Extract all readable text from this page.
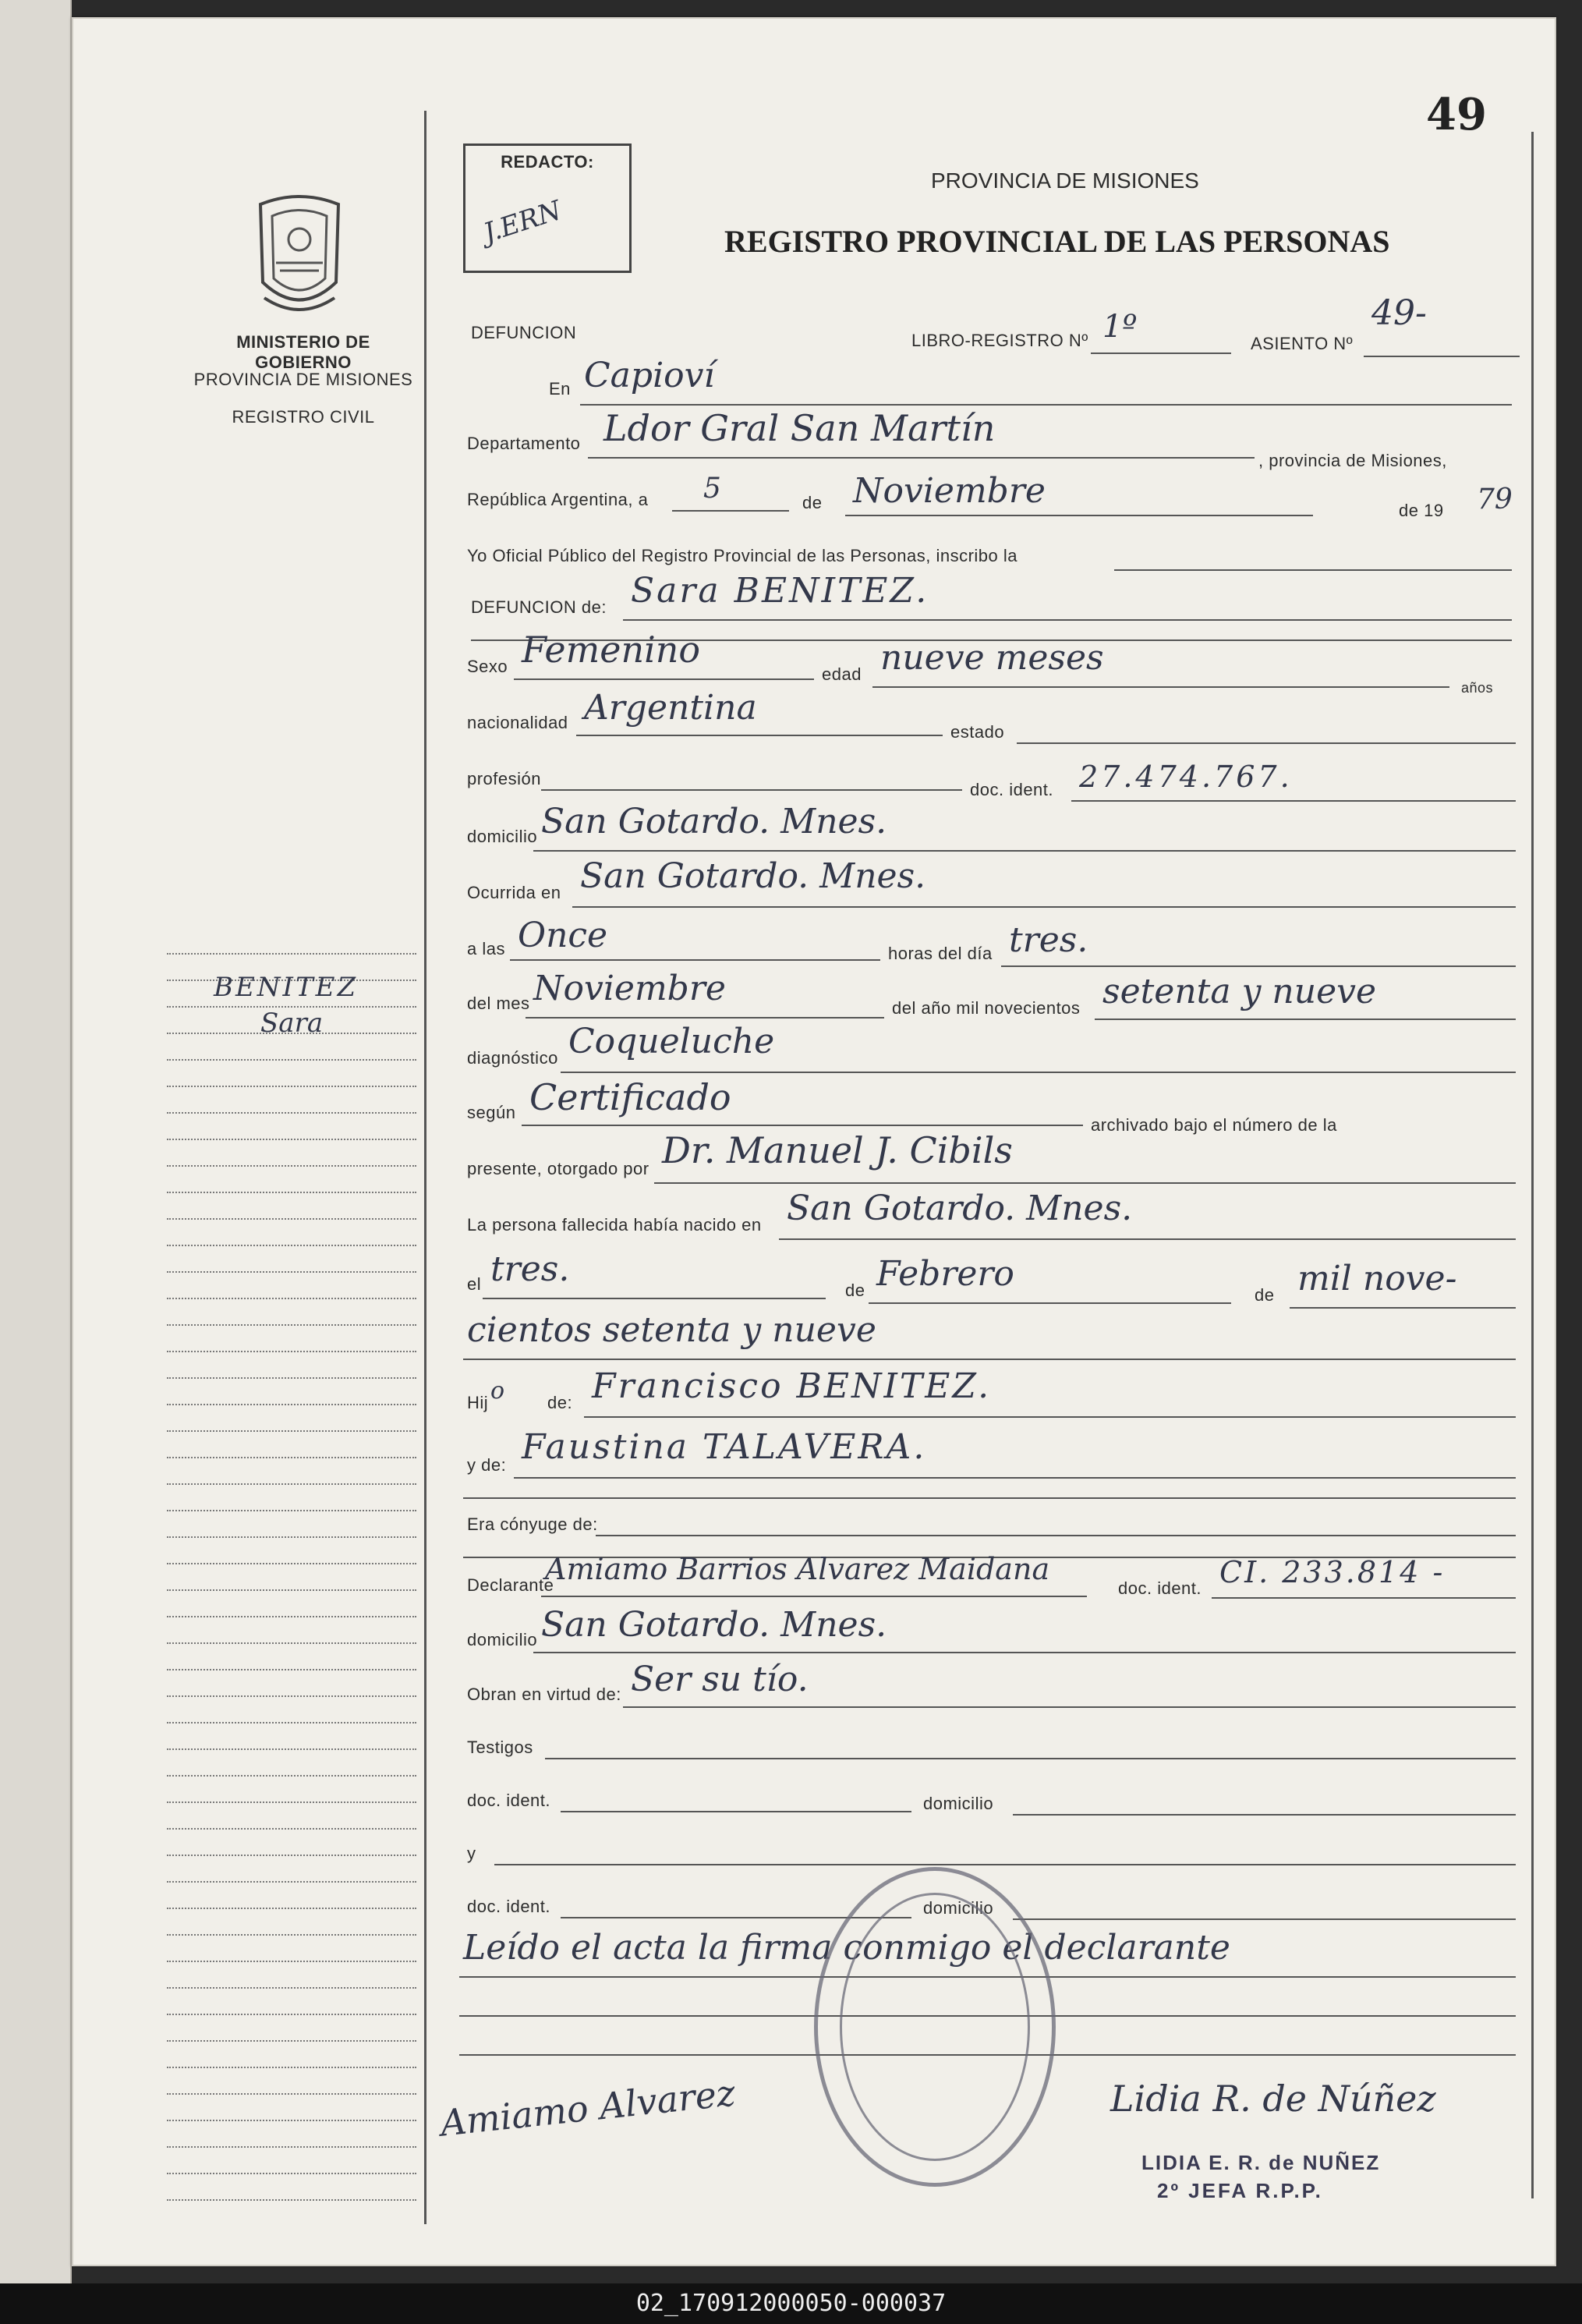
MINISTERIO DE GOBIERNO
PROVINCIA DE MISIONES
REGISTRO CIVIL
BENITEZ
Sara
49
REDACTO:
J.ERN
PROVINCIA DE MISIONES
REGISTRO PROVINCIAL DE LAS PERSONAS
DEFUNCION	LIBRO-REGISTRO Nº 1º	ASIENTO Nº
49-
En Capioví
Departamento Ldor Gral San Martín
, provincia de Misiones,
República Argentina, a 5	de Noviembre	de 19 79
Yo Oficial Público del Registro Provincial de las Personas, inscribo la
DEFUNCION de: Sara BENITEZ.
Sexo Femenino
edad nueve meses
años
nacionalidad Argentina
estado
profesión
doc. ident. 27.474.767.
domicilio San Gotardo. Mnes.
Ocurrida en San Gotardo. Mnes.
a las Once	horas del día tres.
del mes Noviembre	del año mil novecientos setenta y nueve
diagnóstico Coqueluche
según Certificado
archivado bajo el número de la
presente, otorgado por Dr. Manuel J. Cibils
La persona fallecida había nacido en San Gotardo. Mnes.
el tres.
de Febrero
de mil nove-
cientos setenta y nueve
Hij o de: Francisco BENITEZ.
y de: Faustina TALAVERA.
Era cónyuge de:
Declarante
Amiamo Barrios Alvarez Maidana
doc. ident. CI. 233.814 -
domicilio San Gotardo. Mnes.
Obran en virtud de: Ser su tío.
Testigos
doc. ident.	domicilio
y
doc. ident.	domicilio
Leído el acta la firma conmigo el declarante
Amiamo Alvarez	Lidia R. de Núñez
LIDIA E. R. de NUÑEZ
2º JEFA R.P.P.
02_170912000050-000037
